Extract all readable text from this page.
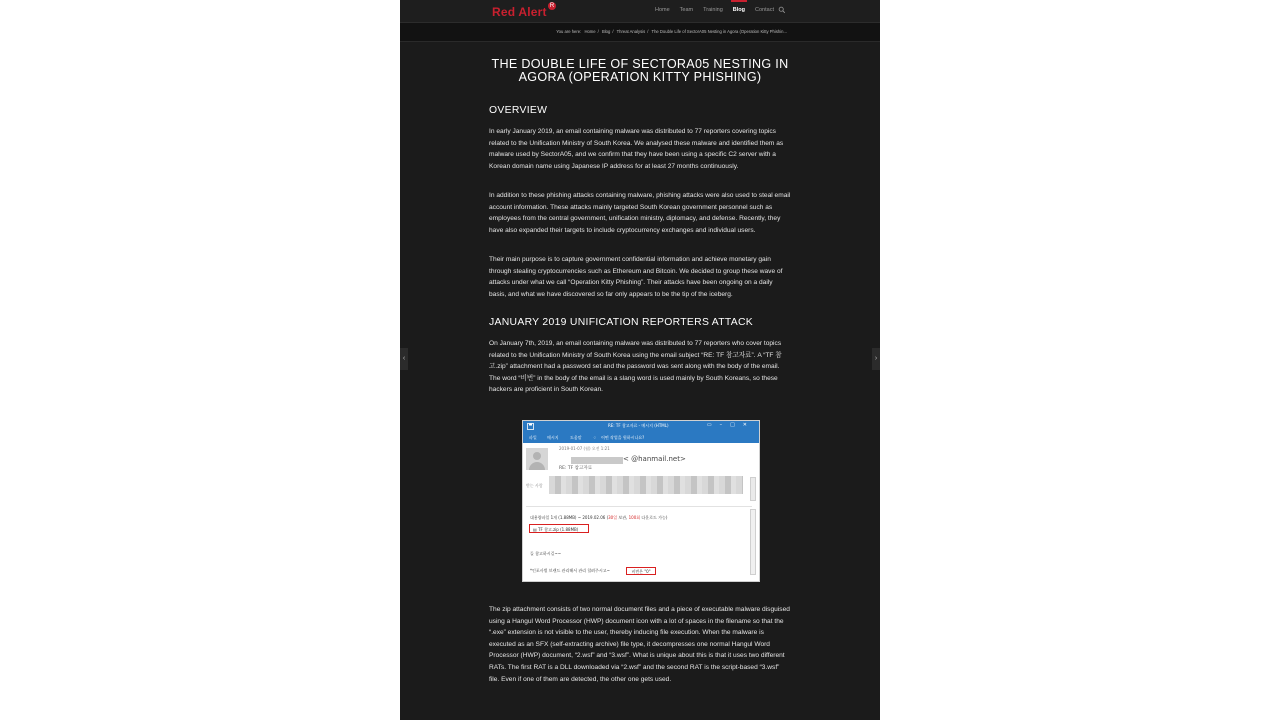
Red Alert R
Home Team Training Blog Contact
You are here: Home / Blog / Threat Analysis / The Double Life of SectorA05 Nesting in Agora (Operation Kitty Phishin...
THE DOUBLE LIFE OF SECTORA05 NESTING IN AGORA (OPERATION KITTY PHISHING)
OVERVIEW

In early January 2019, an email containing malware was distributed to 77 reporters covering topics related to the Unification Ministry of South Korea. We analysed these malware and identified them as malware used by SectorA05, and we confirm that they have been using a specific C2 server with a Korean domain name using Japanese IP address for at least 27 months continuously.

In addition to these phishing attacks containing malware, phishing attacks were also used to steal email account information. These attacks mainly targeted South Korean government personnel such as employees from the central government, unification ministry, diplomacy, and defense. Recently, they have also expanded their targets to include cryptocurrency exchanges and individual users.

Their main purpose is to capture government confidential information and achieve monetary gain through stealing cryptocurrencies such as Ethereum and Bitcoin. We decided to group these wave of attacks under what we call “Operation Kitty Phishing”. Their attacks have been ongoing on a daily basis, and what we have discovered so far only appears to be the tip of the iceberg.

JANUARY 2019 UNIFICATION REPORTERS ATTACK

On January 7th, 2019, an email containing malware was distributed to 77 reporters who cover topics related to the Unification Ministry of South Korea using the email subject “RE: TF 참고자료”. A “TF 참고.zip” attachment had a password set and the password was sent along with the body of the email. The word “비번” in the body of the email is a slang word is used mainly by South Koreans, so these hackers are proficient in South Korean.

The zip attachment consists of two normal document files and a piece of executable malware disguised using a Hangul Word Processor (HWP) document icon with a lot of spaces in the filename so that the “.exe” extension is not visible to the user, thereby inducing file execution. When the malware is executed as an SFX (self-extracting archive) file type, it decompresses one normal Hangul Word Processor (HWP) document, “2.wsf” and “3.wsf”. What is unique about this is that it uses two different RATs. The first RAT is a DLL downloaded via “2.wsf” and the second RAT is the script-based “3.wsf” file. Even if one of them are detected, the other one gets used.

‹	›
RE: TF 참고자료 - 메시지 (HTML)	▭–□✕
파일	메시지	도움말	♢ 어떤 작업을 원하시나요?
2019-01-07 (월) 오전 1:21
< @hanmail.net>
RE: TF 참고자료
받는 사람
대용량파일 1개 (1.88MB) ~ 2019.02.06 (30일 보관, 100회 다운로드 가능)
▤ TF 참고.zip (1.88MB)
들 참고하시길~~
*인포사별 브랜드 관리해서 관리 할려주시고~	비번은 "0"
